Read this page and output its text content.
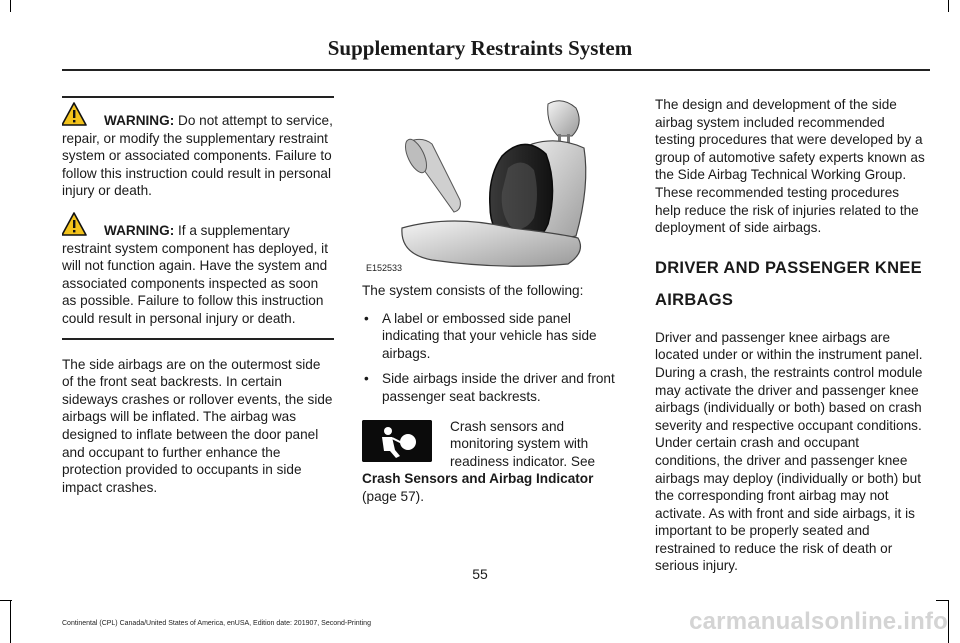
Supplementary Restraints System

WARNING: Do not attempt to service, repair, or modify the supplementary restraint system or associated components. Failure to follow this instruction could result in personal injury or death.

WARNING: If a supplementary restraint system component has deployed, it will not function again. Have the system and associated components inspected as soon as possible. Failure to follow this instruction could result in personal injury or death.

The side airbags are on the outermost side of the front seat backrests. In certain sideways crashes or rollover events, the side airbags will be inflated. The airbag was designed to inflate between the door panel and occupant to further enhance the protection provided to occupants in side impact crashes.

E152533

The system consists of the following:

• A label or embossed side panel indicating that your vehicle has side airbags.
• Side airbags inside the driver and front passenger seat backrests.
Crash sensors and monitoring system with readiness indicator. See Crash Sensors and Airbag Indicator (page 57).

The design and development of the side airbag system included recommended testing procedures that were developed by a group of automotive safety experts known as the Side Airbag Technical Working Group. These recommended testing procedures help reduce the risk of injuries related to the deployment of side airbags.

DRIVER AND PASSENGER KNEE
AIRBAGS

Driver and passenger knee airbags are located under or within the instrument panel. During a crash, the restraints control module may activate the driver and passenger knee airbags (individually or both) based on crash severity and respective occupant conditions. Under certain crash and occupant conditions, the driver and passenger knee airbags may deploy (individually or both) but the corresponding front airbag may not activate. As with front and side airbags, it is important to be properly seated and restrained to reduce the risk of death or serious injury.

55
Continental (CPL) Canada/United States of America, enUSA, Edition date: 201907, Second-Printing	carmanualsonline.info
